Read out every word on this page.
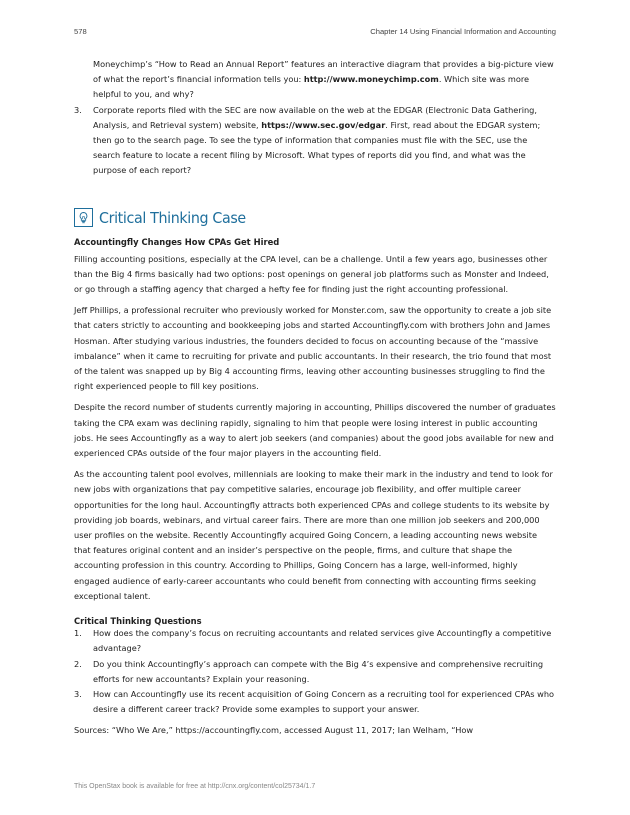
578	Chapter 14 Using Financial Information and Accounting

Moneychimp’s “How to Read an Annual Report” features an interactive diagram that provides a big-picture view of what the report’s financial information tells you: http://www.moneychimp.com. Which site was more helpful to you, and why?

3.	Corporate reports filed with the SEC are now available on the web at the EDGAR (Electronic Data Gathering, Analysis, and Retrieval system) website, https://www.sec.gov/edgar. First, read about the EDGAR system; then go to the search page. To see the type of information that companies must file with the SEC, use the search feature to locate a recent filing by Microsoft. What types of reports did you find, and what was the purpose of each report?
Critical Thinking Case
Accountingfly Changes How CPAs Get Hired

Filling accounting positions, especially at the CPA level, can be a challenge. Until a few years ago, businesses other than the Big 4 firms basically had two options: post openings on general job platforms such as Monster and Indeed, or go through a staffing agency that charged a hefty fee for finding just the right accounting professional.

Jeff Phillips, a professional recruiter who previously worked for Monster.com, saw the opportunity to create a job site that caters strictly to accounting and bookkeeping jobs and started Accountingfly.com with brothers John and James Hosman. After studying various industries, the founders decided to focus on accounting because of the “massive imbalance” when it came to recruiting for private and public accountants. In their research, the trio found that most of the talent was snapped up by Big 4 accounting firms, leaving other accounting businesses struggling to find the right experienced people to fill key positions.

Despite the record number of students currently majoring in accounting, Phillips discovered the number of graduates taking the CPA exam was declining rapidly, signaling to him that people were losing interest in public accounting jobs. He sees Accountingfly as a way to alert job seekers (and companies) about the good jobs available for new and experienced CPAs outside of the four major players in the accounting field.

As the accounting talent pool evolves, millennials are looking to make their mark in the industry and tend to look for new jobs with organizations that pay competitive salaries, encourage job flexibility, and offer multiple career opportunities for the long haul. Accountingfly attracts both experienced CPAs and college students to its website by providing job boards, webinars, and virtual career fairs. There are more than one million job seekers and 200,000 user profiles on the website. Recently Accountingfly acquired Going Concern, a leading accounting news website that features original content and an insider’s perspective on the people, firms, and culture that shape the accounting profession in this country. According to Phillips, Going Concern has a large, well-informed, highly engaged audience of early-career accountants who could benefit from connecting with accounting firms seeking exceptional talent.

Critical Thinking Questions
1.	How does the company’s focus on recruiting accountants and related services give Accountingfly a competitive advantage?
2.	Do you think Accountingfly’s approach can compete with the Big 4’s expensive and comprehensive recruiting efforts for new accountants? Explain your reasoning.
3.	How can Accountingfly use its recent acquisition of Going Concern as a recruiting tool for experienced CPAs who desire a different career track? Provide some examples to support your answer.

Sources: “Who We Are,” https://accountingfly.com, accessed August 11, 2017; Ian Welham, “How

This OpenStax book is available for free at http://cnx.org/content/col25734/1.7
